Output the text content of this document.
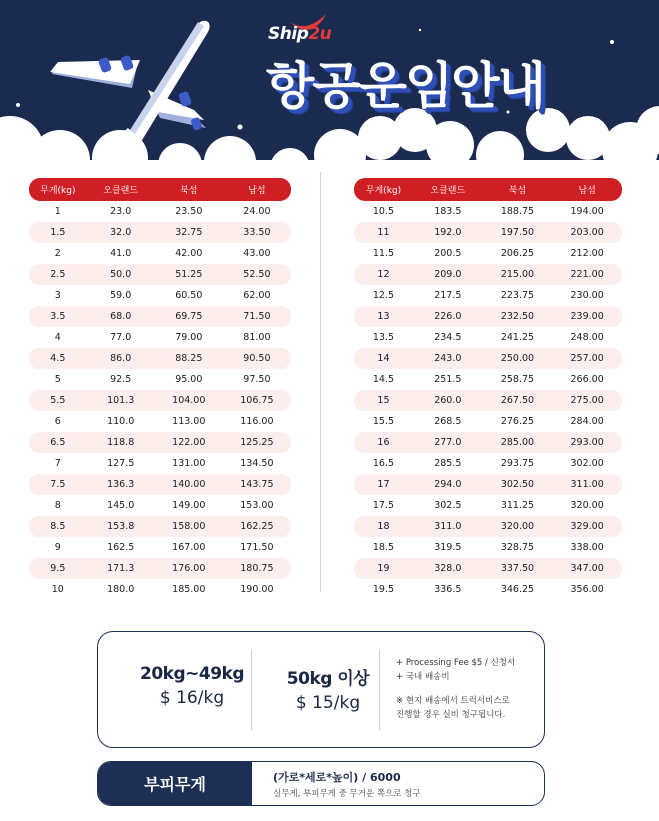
Ship2u
항공운임안내
무게(kg)	오클랜드	북섬	남섬
1	23.0	23.50	24.00
1.5	32.0	32.75	33.50
2	41.0	42.00	43.00
2.5	50.0	51.25	52.50
3	59.0	60.50	62.00
3.5	68.0	69.75	71.50
4	77.0	79.00	81.00
4.5	86.0	88.25	90.50
5	92.5	95.00	97.50
5.5	101.3	104.00	106.75
6	110.0	113.00	116.00
6.5	118.8	122.00	125.25
7	127.5	131.00	134.50
7.5	136.3	140.00	143.75
8	145.0	149.00	153.00
8.5	153.8	158.00	162.25
9	162.5	167.00	171.50
9.5	171.3	176.00	180.75
10	180.0	185.00	190.00
무게(kg)	오클랜드	북섬	남섬
10.5	183.5	188.75	194.00
11	192.0	197.50	203.00
11.5	200.5	206.25	212.00
12	209.0	215.00	221.00
12.5	217.5	223.75	230.00
13	226.0	232.50	239.00
13.5	234.5	241.25	248.00
14	243.0	250.00	257.00
14.5	251.5	258.75	266.00
15	260.0	267.50	275.00
15.5	268.5	276.25	284.00
16	277.0	285.00	293.00
16.5	285.5	293.75	302.00
17	294.0	302.50	311.00
17.5	302.5	311.25	320.00
18	311.0	320.00	329.00
18.5	319.5	328.75	338.00
19	328.0	337.50	347.00
19.5	336.5	346.25	356.00
20kg~49kg
$ 16/kg
50kg 이상
$ 15/kg
+ Processing Fee $5 / 신청서
+ 국내 배송비
※ 현지 배송에서 트럭서비스로
진행할 경우 실비 청구됩니다.
부피무게	(가로*세로*높이) / 6000
실무게, 부피무게 중 무거운 쪽으로 청구
